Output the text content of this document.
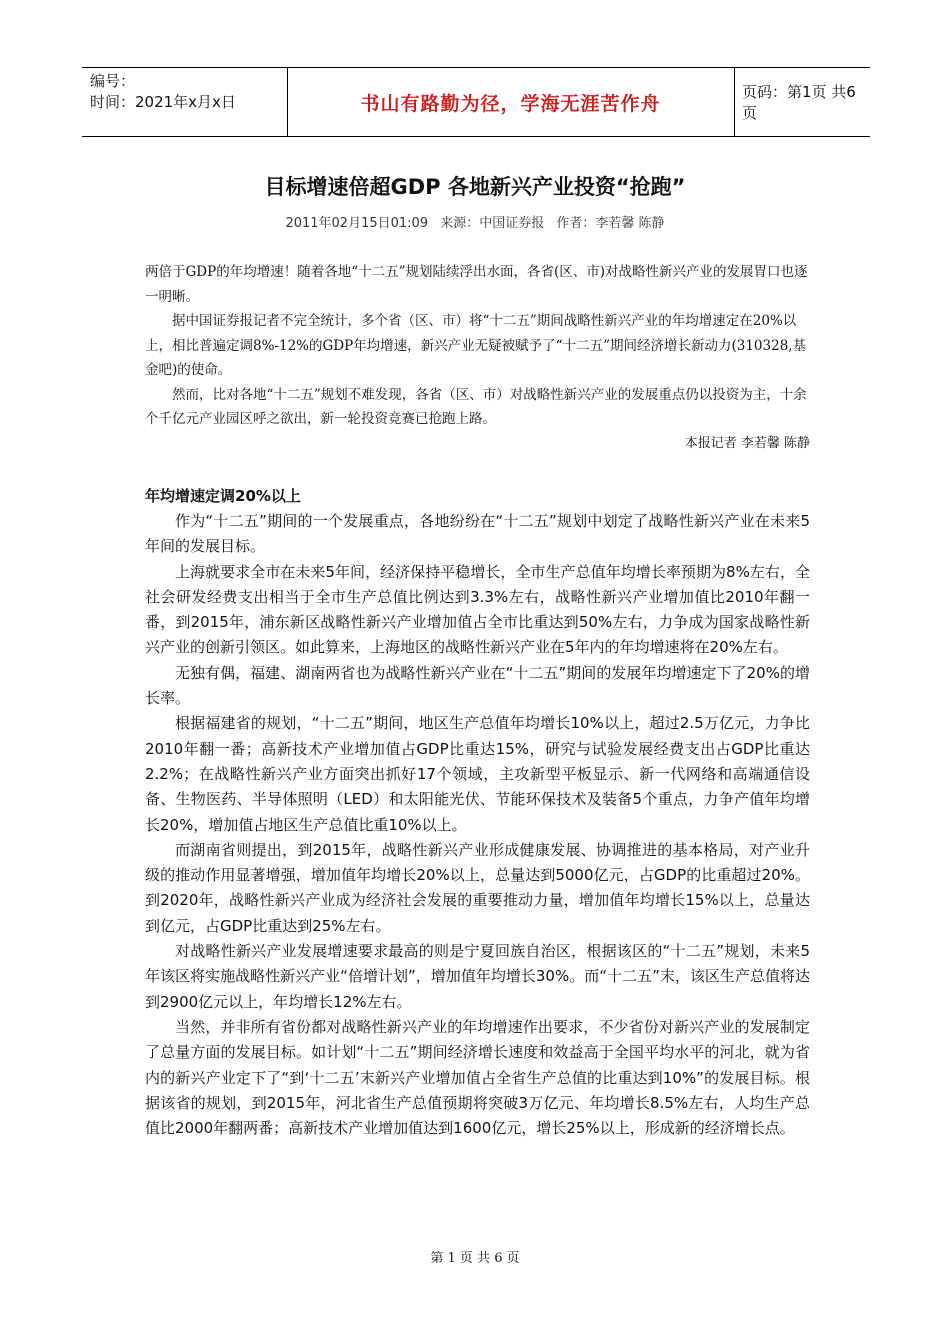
编号：
时间：2021年x月x日	书山有路勤为径，学海无涯苦作舟
页码：第1页 共6页
目标增速倍超GDP 各地新兴产业投资“抢跑”
2011年02月15日01:09 来源：中国证券报 作者：李若馨 陈静

两倍于GDP的年均增速！随着各地“十二五”规划陆续浮出水面，各省(区、市)对战略性新兴产业的发展胃口也逐一明晰。

据中国证券报记者不完全统计，多个省（区、市）将“十二五”期间战略性新兴产业的年均增速定在20%以上，相比普遍定调8%-12%的GDP年均增速，新兴产业无疑被赋予了“十二五”期间经济增长新动力(310328,基金吧)的使命。

然而，比对各地“十二五”规划不难发现，各省（区、市）对战略性新兴产业的发展重点仍以投资为主，十余个千亿元产业园区呼之欲出，新一轮投资竞赛已抢跑上路。

本报记者 李若馨 陈静

年均增速定调20%以上

作为“十二五”期间的一个发展重点，各地纷纷在“十二五”规划中划定了战略性新兴产业在未来5年间的发展目标。

上海就要求全市在未来5年间，经济保持平稳增长，全市生产总值年均增长率预期为8%左右，全社会研发经费支出相当于全市生产总值比例达到3.3%左右，战略性新兴产业增加值比2010年翻一番，到2015年，浦东新区战略性新兴产业增加值占全市比重达到50%左右，力争成为国家战略性新兴产业的创新引领区。如此算来，上海地区的战略性新兴产业在5年内的年均增速将在20%左右。

无独有偶，福建、湖南两省也为战略性新兴产业在“十二五”期间的发展年均增速定下了20%的增长率。

根据福建省的规划，“十二五”期间，地区生产总值年均增长10%以上，超过2.5万亿元，力争比2010年翻一番；高新技术产业增加值占GDP比重达15%，研究与试验发展经费支出占GDP比重达2.2%；在战略性新兴产业方面突出抓好17个领域，主攻新型平板显示、新一代网络和高端通信设备、生物医药、半导体照明（LED）和太阳能光伏、节能环保技术及装备5个重点，力争产值年均增长20%，增加值占地区生产总值比重10%以上。

而湖南省则提出，到2015年，战略性新兴产业形成健康发展、协调推进的基本格局，对产业升级的推动作用显著增强，增加值年均增长20%以上，总量达到5000亿元，占GDP的比重超过20%。到2020年，战略性新兴产业成为经济社会发展的重要推动力量，增加值年均增长15%以上，总量达到亿元，占GDP比重达到25%左右。

对战略性新兴产业发展增速要求最高的则是宁夏回族自治区，根据该区的“十二五”规划，未来5年该区将实施战略性新兴产业“倍增计划”，增加值年均增长30%。而“十二五”末，该区生产总值将达到2900亿元以上，年均增长12%左右。

当然，并非所有省份都对战略性新兴产业的年均增速作出要求，不少省份对新兴产业的发展制定了总量方面的发展目标。如计划“十二五”期间经济增长速度和效益高于全国平均水平的河北，就为省内的新兴产业定下了“到‘十二五’末新兴产业增加值占全省生产总值的比重达到10%”的发展目标。根据该省的规划，到2015年，河北省生产总值预期将突破3万亿元、年均增长8.5%左右，人均生产总值比2000年翻两番；高新技术产业增加值达到1600亿元，增长25%以上，形成新的经济增长点。

第 1 页 共 6 页
